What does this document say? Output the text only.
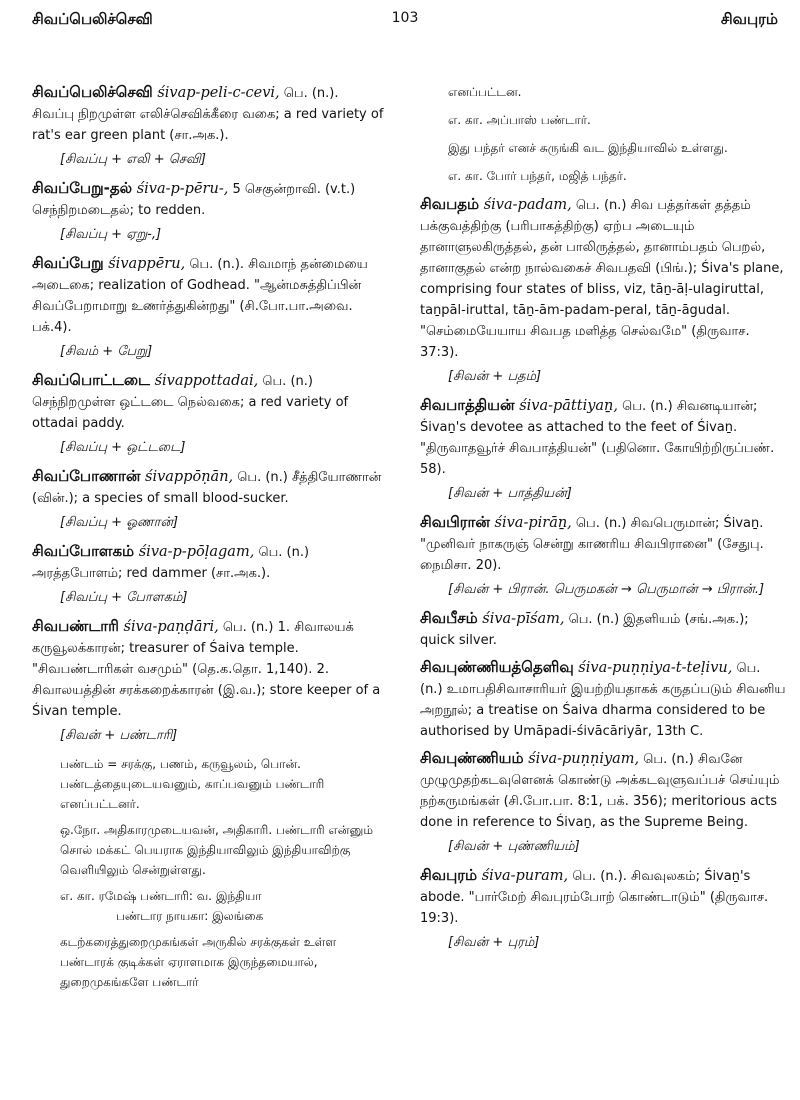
சிவப்பெலிச்செவி	103	சிவபுரம்
சிவப்பெலிச்செவி śivap-peli-c-cevi, பெ. (n.). சிவப்பு நிறமுள்ள எலிச்செவிக்கீரை வகை; a red variety of rat's ear green plant (சா.அக.).
[சிவப்பு + எலி + செவி]
சிவப்பேறு-தல் śiva-p-pēru-, 5 செகுன்றாவி. (v.t.) செந்நிறமடைதல்; to redden.
[சிவப்பு + ஏறு-,]
சிவப்பேறு śivappēru, பெ. (n.). சிவமாந் தன்மையை அடைகை; realization of Godhead. "ஆன்மசுத்திப்பின் சிவப்பேறாமாறு உணர்த்துகின்றது" (சி.போ.பா.அவை. பக்.4).
[சிவம் + பேறு]
சிவப்பொட்டடை śivappottadai, பெ. (n.) செந்நிறமுள்ள ஒட்டடை நெல்வகை; a red variety of ottadai paddy.
[சிவப்பு + ஒட்டடை]
சிவப்போணான் śivappōṇān, பெ. (n.) சீத்தியோணான் (வின்.); a species of small blood-sucker.
[சிவப்பு + ஓணான்]
சிவப்போளகம் śiva-p-pōḷagam, பெ. (n.) அரத்தபோளம்; red dammer (சா.அக.).
[சிவப்பு + போளகம்]
சிவபண்டாரி śiva-paṇḍāri, பெ. (n.) 1. சிவாலயக் கருவூலக்காரன்; treasurer of Śaiva temple. "சிவபண்டாரிகள் வசமும்" (தெ.க.தொ. 1,140). 2. சிவாலயத்தின் சரக்கறைக்காரன் (இ.வ.); store keeper of a Śivan temple.
[சிவன் + பண்டாரி]
பண்டம் = சரக்கு, பணம், கருவூலம், பொன். பண்டத்தையுடையவனும், காப்பவனும் பண்டாரி எனப்பட்டனர்.
ஒ.நோ. அதிகாரமுடையவன், அதிகாரி. பண்டாரி என்னும் சொல் மக்கட் பெயராக இந்தியாவிலும் இந்தியாவிற்கு வெளியிலும் சென்றுள்ளது.
எ. கா. ரமேஷ் பண்டாரி: வ. இந்தியா
பண்டார நாயகா: இலங்கை
கடற்கரைத்துறைமுகங்கள் அருகில் சரக்குகள் உள்ள பண்டாரக் குடிக்கள் ஏராளமாக இருந்தமையால், துறைமுகங்களே பண்டார்
எனப்பட்டன.
எ. கா. அப்பாஸ் பண்டார்.
இது பந்தர் எனச் சுருங்கி வட இந்தியாவில் உள்ளது.
எ. கா. போர் பந்தர், மஜித் பந்தர்.
சிவபதம் śiva-padam, பெ. (n.) சிவ பத்தர்கள் தத்தம் பக்குவத்திற்கு (பரிபாகத்திற்கு) ஏற்ப அடையும் தானாளுலகிருத்தல், தன் பாலிருத்தல், தானாம்பதம் பெறல், தானாகுதல் என்ற நால்வகைச் சிவபதவி (பிங்.); Śiva's plane, comprising four states of bliss, viz, tāṉ-āḷ-ulagiruttal, taṉpāl-iruttal, tāṉ-ām-padam-peral, tāṉ-āgudal. "செம்மையேயாய சிவபத மளித்த செல்வமே" (திருவாச. 37:3).
[சிவன் + பதம்]
சிவபாத்தியன் śiva-pāttiyaṉ, பெ. (n.) சிவனடியான்; Śivaṉ's devotee as attached to the feet of Śivaṉ. "திருவாதவூர்ச் சிவபாத்தியன்" (பதினொ. கோயிற்றிருப்பண். 58).
[சிவன் + பாத்தியன்]
சிவபிரான் śiva-pirāṉ, பெ. (n.) சிவபெருமான்; Śivaṉ. "முனிவர் நாகருஞ் சென்று காணரிய சிவபிரானை" (சேதுபு. நைமிசா. 20).
[சிவன் + பிரான். பெருமகன் → பெருமான் → பிரான்.]
சிவபீசம் śiva-pīśam, பெ. (n.) இதளியம் (சங்.அக.); quick silver.
சிவபுண்ணியத்தெளிவு śiva-puṇṇiya-t-teḷivu, பெ. (n.) உமாபதிசிவாசாரியர் இயற்றியதாகக் கருதப்படும் சிவனிய அறநூல்; a treatise on Śaiva dharma considered to be authorised by Umāpadi-śivācāriyār, 13th C.
சிவபுண்ணியம் śiva-puṇṇiyam, பெ. (n.) சிவனே முழுமுதற்கடவுளெனக் கொண்டு அக்கடவுளுவப்பச் செய்யும் நற்கருமங்கள் (சி.போ.பா. 8:1, பக். 356); meritorious acts done in reference to Śivaṉ, as the Supreme Being.
[சிவன் + புண்ணியம்]
சிவபுரம் śiva-puram, பெ. (n.). சிவவுலகம்; Śivaṉ's abode. "பார்மேற் சிவபுரம்போற் கொண்டாடும்" (திருவாச. 19:3).
[சிவன் + புரம்]
